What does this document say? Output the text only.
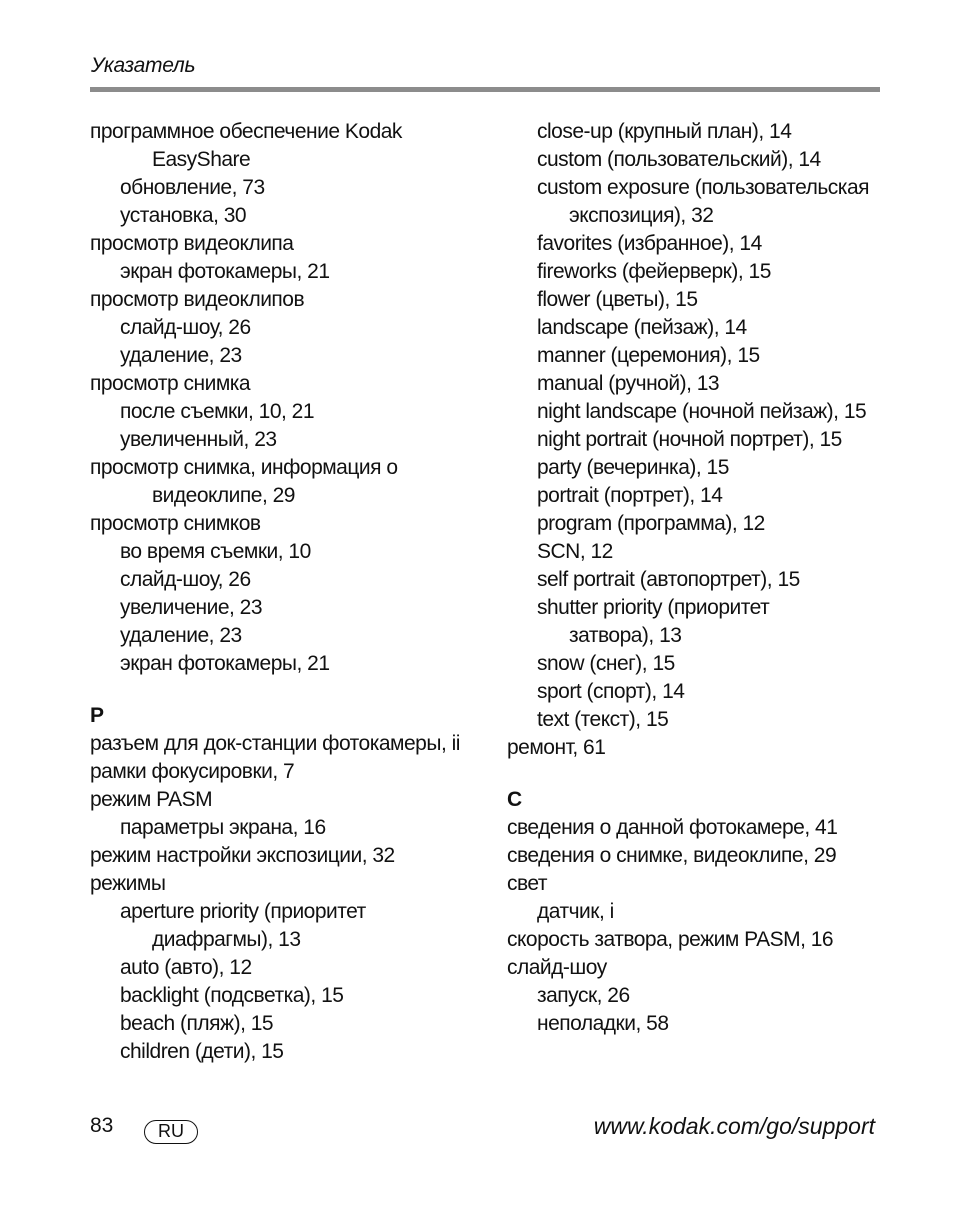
Указатель
программное обеспечение Kodak
EasyShare
обновление, 73
установка, 30
просмотр видеоклипа
экран фотокамеры, 21
просмотр видеоклипов
слайд-шоу, 26
удаление, 23
просмотр снимка
после съемки, 10, 21
увеличенный, 23
просмотр снимка, информация о
видеоклипе, 29
просмотр снимков
во время съемки, 10
слайд-шоу, 26
увеличение, 23
удаление, 23
экран фотокамеры, 21
Р
разъем для док-станции фотокамеры, ii
рамки фокусировки, 7
режим PASM
параметры экрана, 16
режим настройки экспозиции, 32
режимы
aperture priority (приоритет
диафрагмы), 13
auto (авто), 12
backlight (подсветка), 15
beach (пляж), 15
children (дети), 15
close-up (крупный план), 14
custom (пользовательский), 14
custom exposure (пользовательская
экспозиция), 32
favorites (избранное), 14
fireworks (фейерверк), 15
flower (цветы), 15
landscape (пейзаж), 14
manner (церемония), 15
manual (ручной), 13
night landscape (ночной пейзаж), 15
night portrait (ночной портрет), 15
party (вечеринка), 15
portrait (портрет), 14
program (программа), 12
SCN, 12
self portrait (автопортрет), 15
shutter priority (приоритет
затвора), 13
snow (снег), 15
sport (спорт), 14
text (текст), 15
ремонт, 61
С
сведения о данной фотокамере, 41
сведения о снимке, видеоклипе, 29
свет
датчик, i
скорость затвора, режим PASM, 16
слайд-шоу
запуск, 26
неполадки, 58
83	RU	www.kodak.com/go/support
